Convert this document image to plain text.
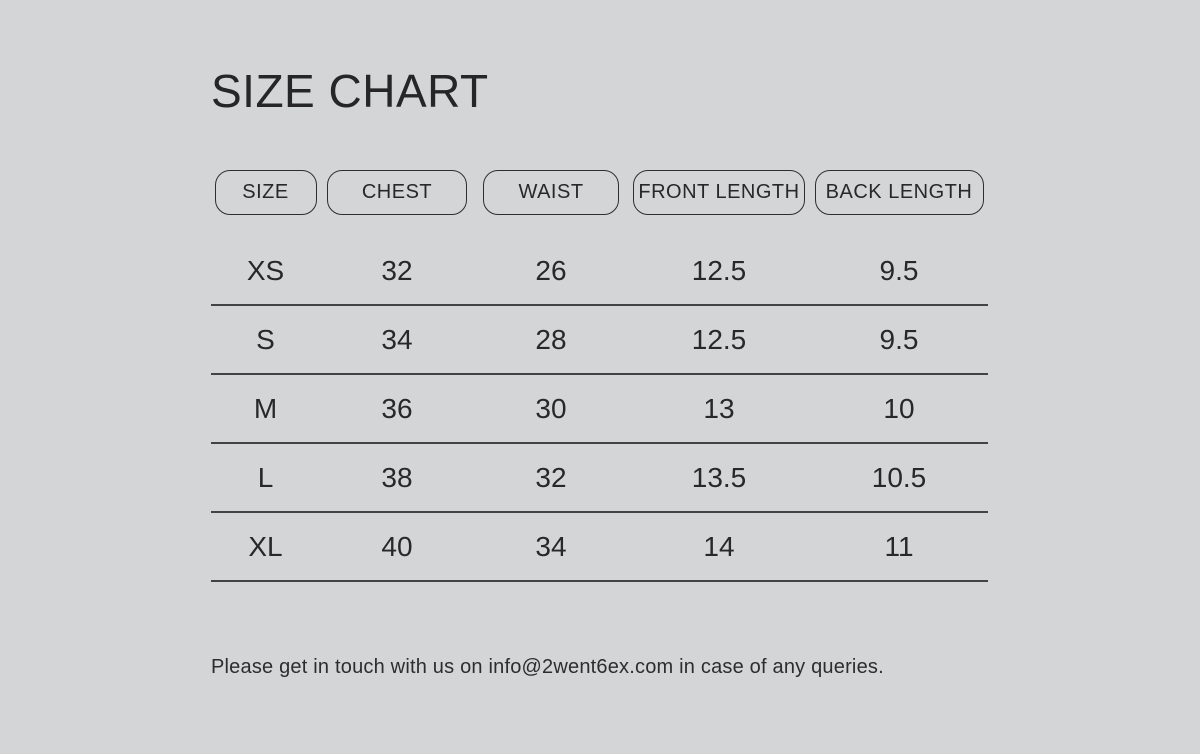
SIZE CHART
SIZE	CHEST	WAIST	FRONT LENGTH	BACK LENGTH
XS	32	26	12.5	9.5
S	34	28	12.5	9.5
M	36	30	13	10
L	38	32	13.5	10.5
XL	40	34	14	11

Please get in touch with us on info@2went6ex.com in case of any queries.
